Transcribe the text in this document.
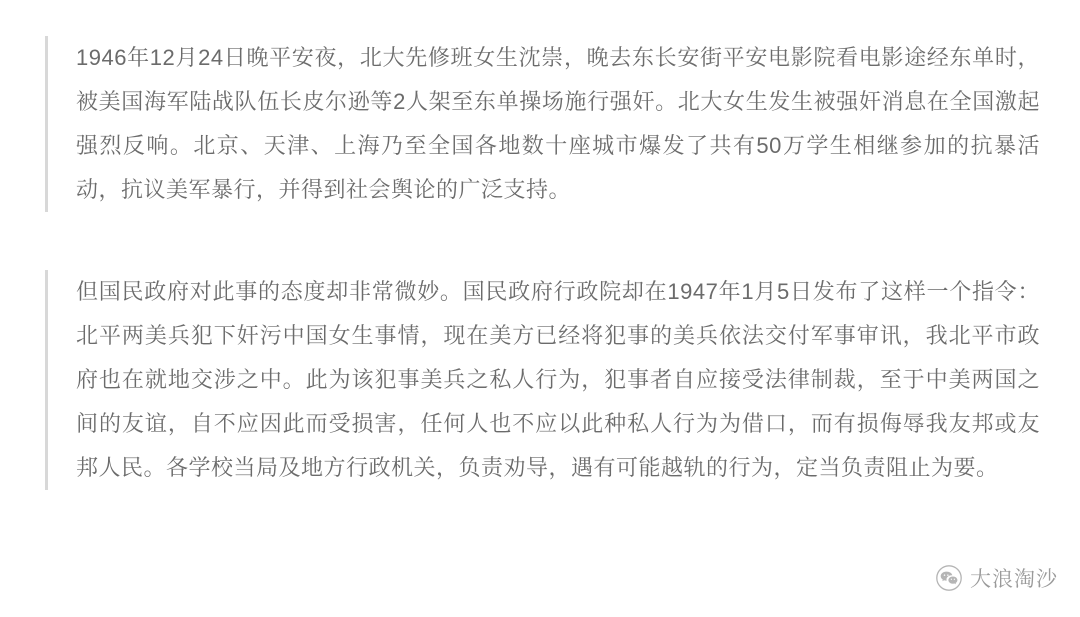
1946年12月24日晚平安夜，北大先修班女生沈崇，晚去东长安街平安电影院看电影途经东单时，被美国海军陆战队伍长皮尔逊等2人架至东单操场施行强奸。北大女生发生被强奸消息在全国激起强烈反响。北京、天津、上海乃至全国各地数十座城市爆发了共有50万学生相继参加的抗暴活动，抗议美军暴行，并得到社会舆论的广泛支持。

但国民政府对此事的态度却非常微妙。国民政府行政院却在1947年1月5日发布了这样一个指令：北平两美兵犯下奸污中国女生事情，现在美方已经将犯事的美兵依法交付军事审讯，我北平市政府也在就地交涉之中。此为该犯事美兵之私人行为，犯事者自应接受法律制裁，至于中美两国之间的友谊，自不应因此而受损害，任何人也不应以此种私人行为为借口，而有损侮辱我友邦或友邦人民。各学校当局及地方行政机关，负责劝导，遇有可能越轨的行为，定当负责阻止为要。

大浪淘沙
